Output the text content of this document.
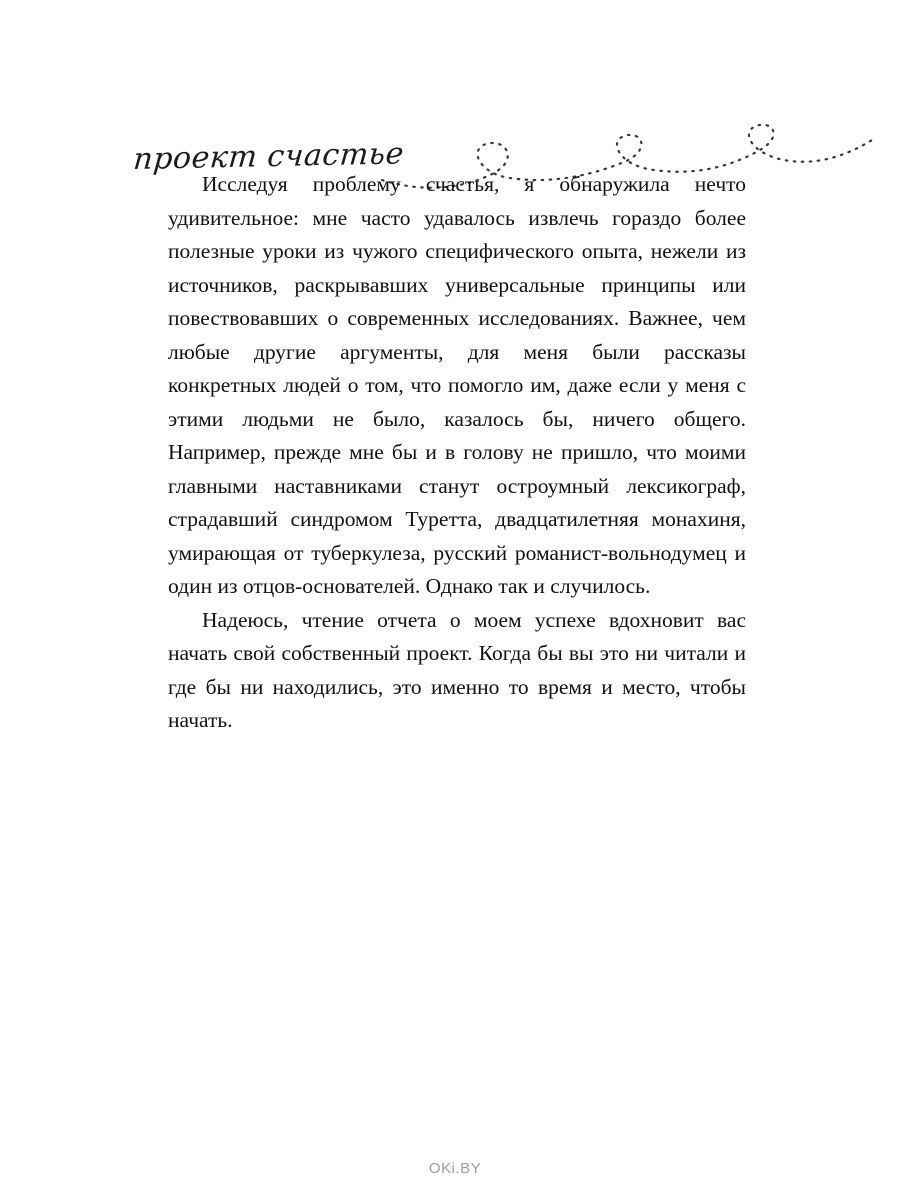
проект счастье

Исследуя проблему счастья, я обнаружила нечто удивительное: мне часто удавалось извлечь гораздо более полезные уроки из чужого специфического опыта, нежели из источников, раскрывавших универсальные принципы или повествовавших о современных исследованиях. Важнее, чем любые другие аргументы, для меня были рассказы конкретных людей о том, что помогло им, даже если у меня с этими людьми не было, казалось бы, ничего общего. Например, прежде мне бы и в голову не пришло, что моими главными наставниками станут остроумный лексикограф, страдавший синдромом Туретта, двадцатилетняя монахиня, умирающая от туберкулеза, русский романист-вольнодумец и один из отцов-основателей. Однако так и случилось.

Надеюсь, чтение отчета о моем успехе вдохновит вас начать свой собственный проект. Когда бы вы это ни читали и где бы ни находились, это именно то время и место, чтобы начать.

OKi.BY
